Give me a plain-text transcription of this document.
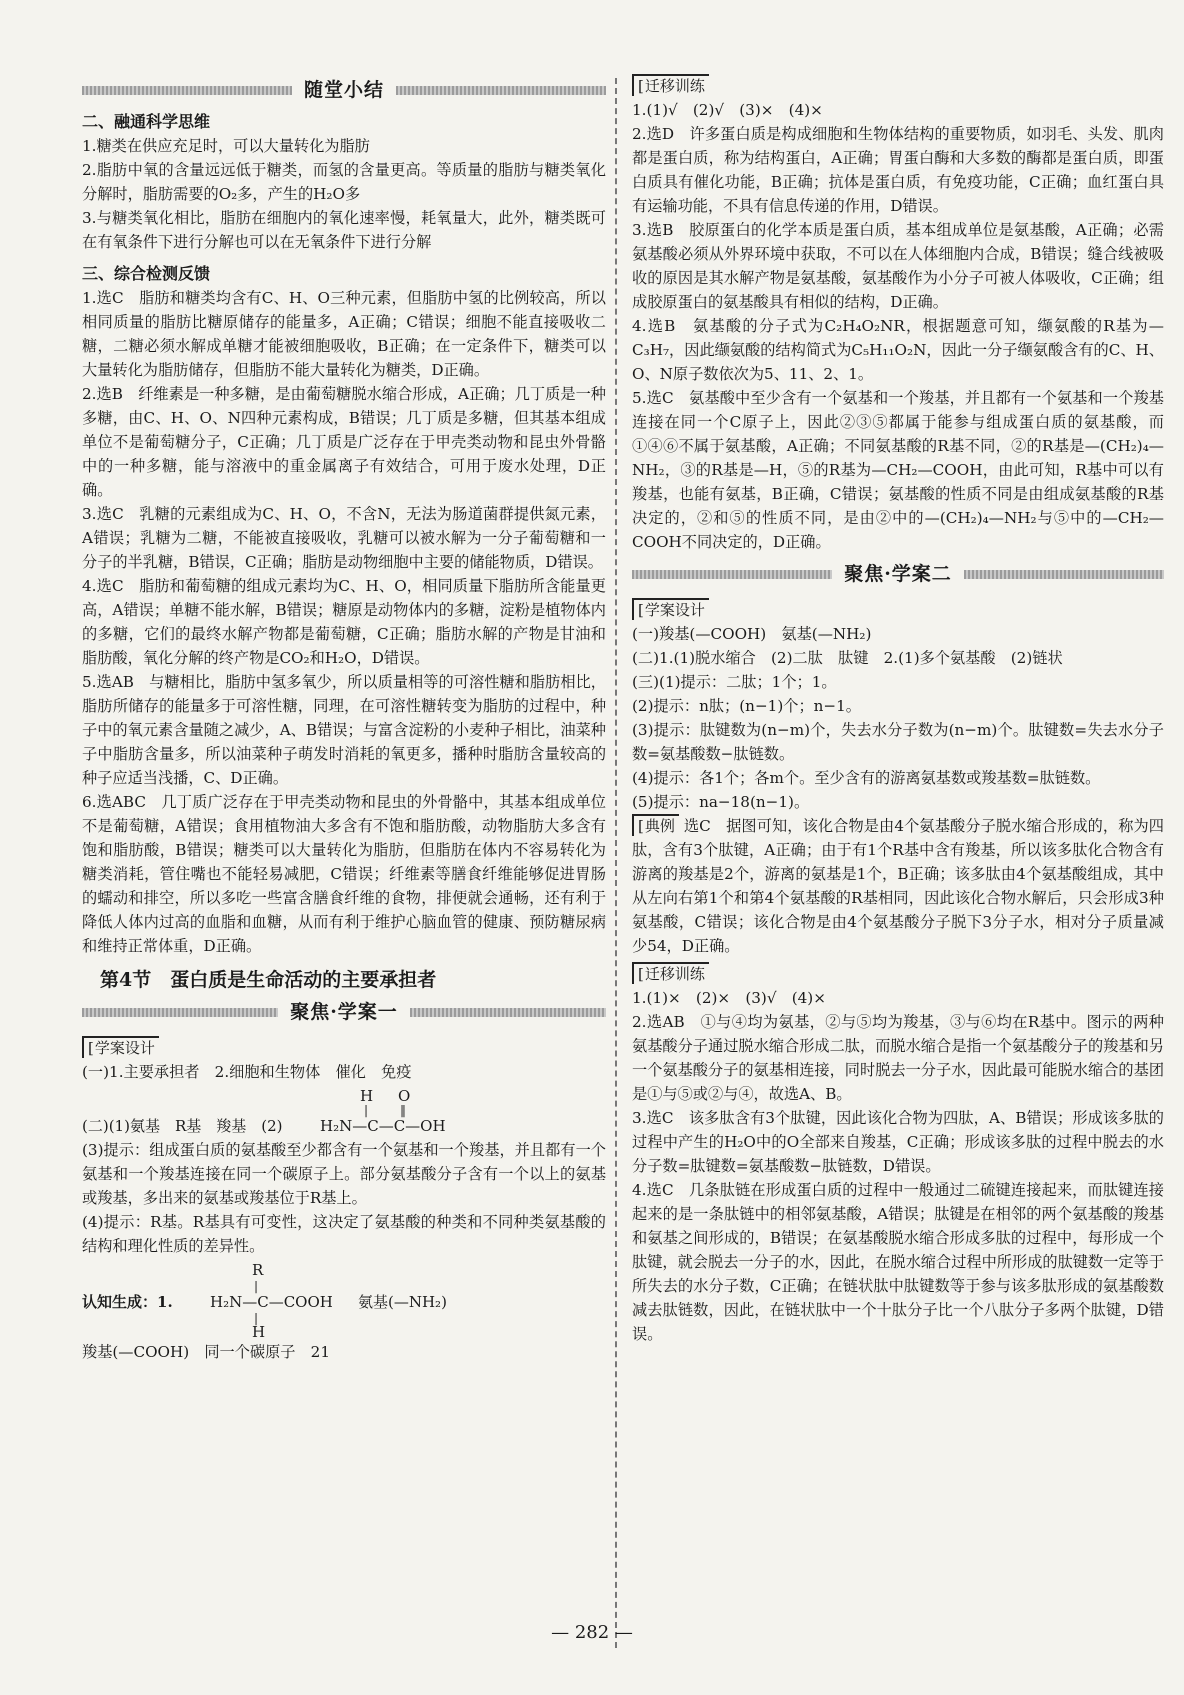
随堂小结

二、融通科学思维

1.糖类在供应充足时，可以大量转化为脂肪

2.脂肪中氧的含量远远低于糖类，而氢的含量更高。等质量的脂肪与糖类氧化分解时，脂肪需要的O₂多，产生的H₂O多

3.与糖类氧化相比，脂肪在细胞内的氧化速率慢，耗氧量大，此外，糖类既可在有氧条件下进行分解也可以在无氧条件下进行分解

三、综合检测反馈

1.选C　脂肪和糖类均含有C、H、O三种元素，但脂肪中氢的比例较高，所以相同质量的脂肪比糖原储存的能量多，A正确；C错误；细胞不能直接吸收二糖，二糖必须水解成单糖才能被细胞吸收，B正确；在一定条件下，糖类可以大量转化为脂肪储存，但脂肪不能大量转化为糖类，D正确。

2.选B　纤维素是一种多糖，是由葡萄糖脱水缩合形成，A正确；几丁质是一种多糖，由C、H、O、N四种元素构成，B错误；几丁质是多糖，但其基本组成单位不是葡萄糖分子，C正确；几丁质是广泛存在于甲壳类动物和昆虫外骨骼中的一种多糖，能与溶液中的重金属离子有效结合，可用于废水处理，D正确。

3.选C　乳糖的元素组成为C、H、O，不含N，无法为肠道菌群提供氮元素，A错误；乳糖为二糖，不能被直接吸收，乳糖可以被水解为一分子葡萄糖和一分子的半乳糖，B错误，C正确；脂肪是动物细胞中主要的储能物质，D错误。

4.选C　脂肪和葡萄糖的组成元素均为C、H、O，相同质量下脂肪所含能量更高，A错误；单糖不能水解，B错误；糖原是动物体内的多糖，淀粉是植物体内的多糖，它们的最终水解产物都是葡萄糖，C正确；脂肪水解的产物是甘油和脂肪酸，氧化分解的终产物是CO₂和H₂O，D错误。

5.选AB　与糖相比，脂肪中氢多氧少，所以质量相等的可溶性糖和脂肪相比，脂肪所储存的能量多于可溶性糖，同理，在可溶性糖转变为脂肪的过程中，种子中的氧元素含量随之减少，A、B错误；与富含淀粉的小麦种子相比，油菜种子中脂肪含量多，所以油菜种子萌发时消耗的氧更多，播种时脂肪含量较高的种子应适当浅播，C、D正确。

6.选ABC　几丁质广泛存在于甲壳类动物和昆虫的外骨骼中，其基本组成单位不是葡萄糖，A错误；食用植物油大多含有不饱和脂肪酸，动物脂肪大多含有饱和脂肪酸，B错误；糖类可以大量转化为脂肪，但脂肪在体内不容易转化为糖类消耗，管住嘴也不能轻易减肥，C错误；纤维素等膳食纤维能够促进胃肠的蠕动和排空，所以多吃一些富含膳食纤维的食物，排便就会通畅，还有利于降低人体内过高的血脂和血糖，从而有利于维护心脑血管的健康、预防糖尿病和维持正常体重，D正确。

第4节　蛋白质是生命活动的主要承担者
聚焦·学案一
[ 学案设计

(一)1.主要承担者　2.细胞和生物体　催化　免疫

(二)(1)氨基　R基　羧基　(2)
H O
|	‖
H₂N—C—C—OH

(3)提示：组成蛋白质的氨基酸至少都含有一个氨基和一个羧基，并且都有一个氨基和一个羧基连接在同一个碳原子上。部分氨基酸分子含有一个以上的氨基或羧基，多出来的氨基或羧基位于R基上。

(4)提示：R基。R基具有可变性，这决定了氨基酸的种类和不同种类氨基酸的结构和理化性质的差异性。

R
|
认知生成：1. H₂N—C—COOH 氨基(—NH₂)
|
H

羧基(—COOH)　同一个碳原子　21

[ 迁移训练

1.(1)√　(2)√　(3)×　(4)×

2.选D　许多蛋白质是构成细胞和生物体结构的重要物质，如羽毛、头发、肌肉都是蛋白质，称为结构蛋白，A正确；胃蛋白酶和大多数的酶都是蛋白质，即蛋白质具有催化功能，B正确；抗体是蛋白质，有免疫功能，C正确；血红蛋白具有运输功能，不具有信息传递的作用，D错误。

3.选B　胶原蛋白的化学本质是蛋白质，基本组成单位是氨基酸，A正确；必需氨基酸必须从外界环境中获取，不可以在人体细胞内合成，B错误；缝合线被吸收的原因是其水解产物是氨基酸，氨基酸作为小分子可被人体吸收，C正确；组成胶原蛋白的氨基酸具有相似的结构，D正确。

4.选B　氨基酸的分子式为C₂H₄O₂NR，根据题意可知，缬氨酸的R基为—C₃H₇，因此缬氨酸的结构简式为C₅H₁₁O₂N，因此一分子缬氨酸含有的C、H、O、N原子数依次为5、11、2、1。

5.选C　氨基酸中至少含有一个氨基和一个羧基，并且都有一个氨基和一个羧基连接在同一个C原子上，因此②③⑤都属于能参与组成蛋白质的氨基酸，而①④⑥不属于氨基酸，A正确；不同氨基酸的R基不同，②的R基是—(CH₂)₄—NH₂，③的R基是—H，⑤的R基为—CH₂—COOH，由此可知，R基中可以有羧基，也能有氨基，B正确，C错误；氨基酸的性质不同是由组成氨基酸的R基决定的，②和⑤的性质不同，是由②中的—(CH₂)₄—NH₂与⑤中的—CH₂—COOH不同决定的，D正确。

聚焦·学案二
[ 学案设计

(一)羧基(—COOH)　氨基(—NH₂)

(二)1.(1)脱水缩合　(2)二肽　肽键　2.(1)多个氨基酸　(2)链状

(三)(1)提示：二肽；1个；1。

(2)提示：n肽；(n−1)个；n−1。

(3)提示：肽键数为(n−m)个，失去水分子数为(n−m)个。肽键数=失去水分子数=氨基酸数−肽链数。

(4)提示：各1个；各m个。至少含有的游离氨基数或羧基数=肽链数。

(5)提示：na−18(n−1)。

[ 典例 选C　据图可知，该化合物是由4个氨基酸分子脱水缩合形成的，称为四肽，含有3个肽键，A正确；由于有1个R基中含有羧基，所以该多肽化合物含有游离的羧基是2个，游离的氨基是1个，B正确；该多肽由4个氨基酸组成，其中从左向右第1个和第4个氨基酸的R基相同，因此该化合物水解后，只会形成3种氨基酸，C错误；该化合物是由4个氨基酸分子脱下3分子水，相对分子质量减少54，D正确。

[ 迁移训练

1.(1)×　(2)×　(3)√　(4)×

2.选AB　①与④均为氨基，②与⑤均为羧基，③与⑥均在R基中。图示的两种氨基酸分子通过脱水缩合形成二肽，而脱水缩合是指一个氨基酸分子的羧基和另一个氨基酸分子的氨基相连接，同时脱去一分子水，因此最可能脱水缩合的基团是①与⑤或②与④，故选A、B。

3.选C　该多肽含有3个肽键，因此该化合物为四肽，A、B错误；形成该多肽的过程中产生的H₂O中的O全部来自羧基，C正确；形成该多肽的过程中脱去的水分子数=肽键数=氨基酸数−肽链数，D错误。

4.选C　几条肽链在形成蛋白质的过程中一般通过二硫键连接起来，而肽键连接起来的是一条肽链中的相邻氨基酸，A错误；肽键是在相邻的两个氨基酸的羧基和氨基之间形成的，B错误；在氨基酸脱水缩合形成多肽的过程中，每形成一个肽键，就会脱去一分子的水，因此，在脱水缩合过程中所形成的肽键数一定等于所失去的水分子数，C正确；在链状肽中肽键数等于参与该多肽形成的氨基酸数减去肽链数，因此，在链状肽中一个十肽分子比一个八肽分子多两个肽键，D错误。

— 282 —
